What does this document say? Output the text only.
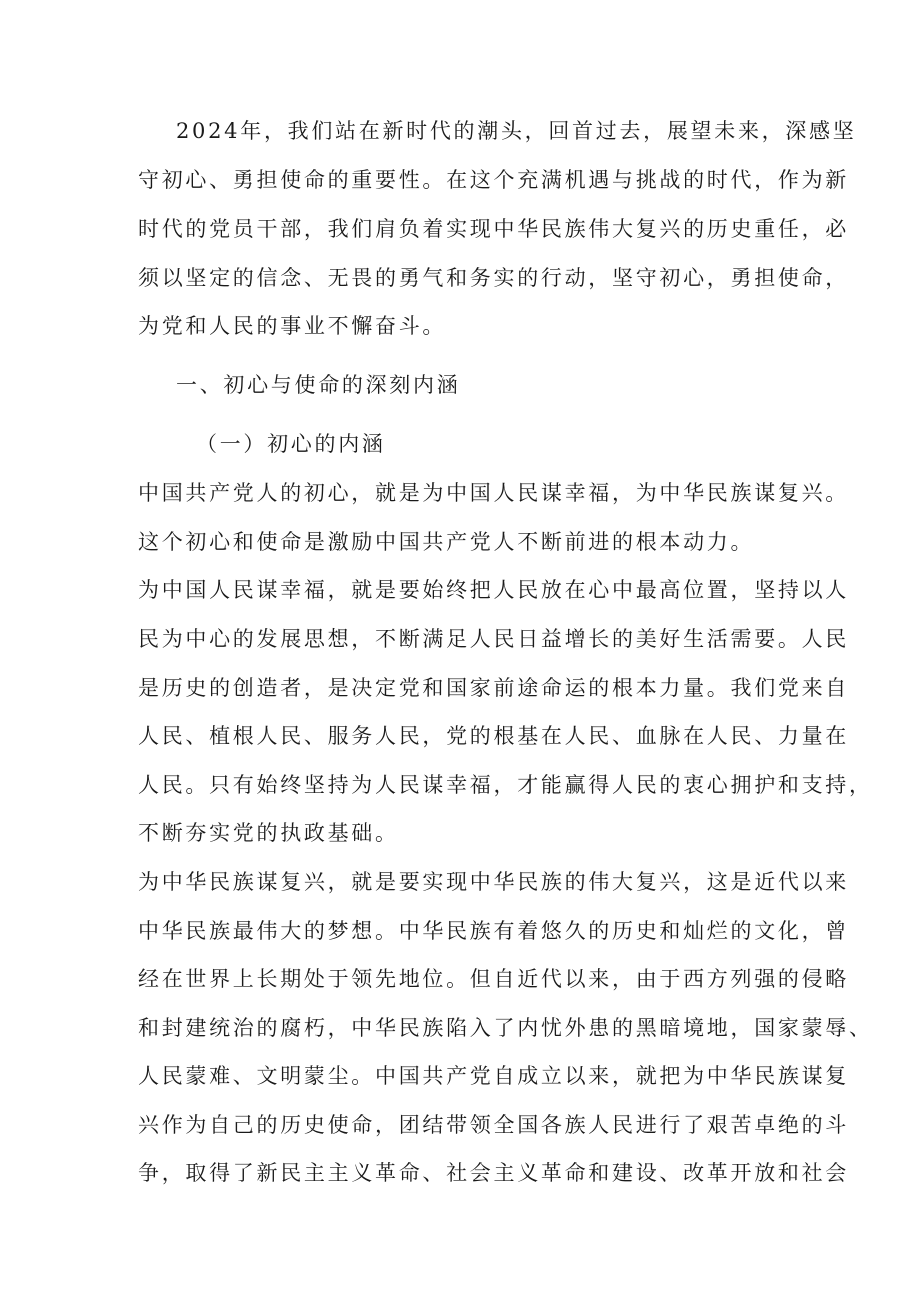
2024年，我们站在新时代的潮头，回首过去，展望未来，深感坚
守初心、勇担使命的重要性。在这个充满机遇与挑战的时代，作为新
时代的党员干部，我们肩负着实现中华民族伟大复兴的历史重任，必
须以坚定的信念、无畏的勇气和务实的行动，坚守初心，勇担使命，
为党和人民的事业不懈奋斗。
一、初心与使命的深刻内涵
（一）初心的内涵
中国共产党人的初心，就是为中国人民谋幸福，为中华民族谋复兴。
这个初心和使命是激励中国共产党人不断前进的根本动力。
为中国人民谋幸福，就是要始终把人民放在心中最高位置，坚持以人
民为中心的发展思想，不断满足人民日益增长的美好生活需要。人民
是历史的创造者，是决定党和国家前途命运的根本力量。我们党来自
人民、植根人民、服务人民，党的根基在人民、血脉在人民、力量在
人民。只有始终坚持为人民谋幸福，才能赢得人民的衷心拥护和支持，
不断夯实党的执政基础。
为中华民族谋复兴，就是要实现中华民族的伟大复兴，这是近代以来
中华民族最伟大的梦想。中华民族有着悠久的历史和灿烂的文化，曾
经在世界上长期处于领先地位。但自近代以来，由于西方列强的侵略
和封建统治的腐朽，中华民族陷入了内忧外患的黑暗境地，国家蒙辱、
人民蒙难、文明蒙尘。中国共产党自成立以来，就把为中华民族谋复
兴作为自己的历史使命，团结带领全国各族人民进行了艰苦卓绝的斗
争，取得了新民主主义革命、社会主义革命和建设、改革开放和社会
